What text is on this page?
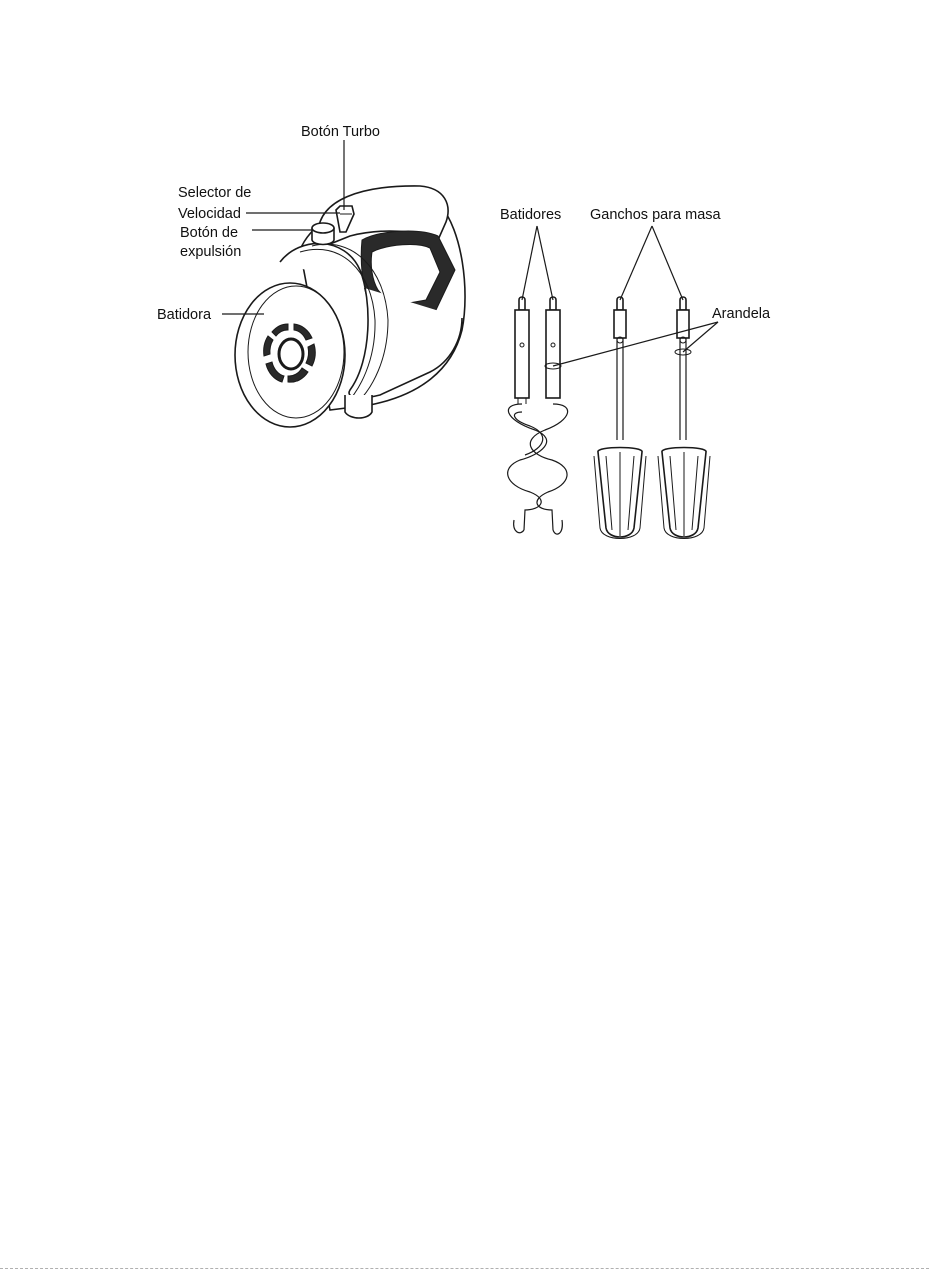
Botón Turbo
Selector de
Velocidad
Botón de
expulsión
Batidora
Batidores Ganchos para masa
Arandela
